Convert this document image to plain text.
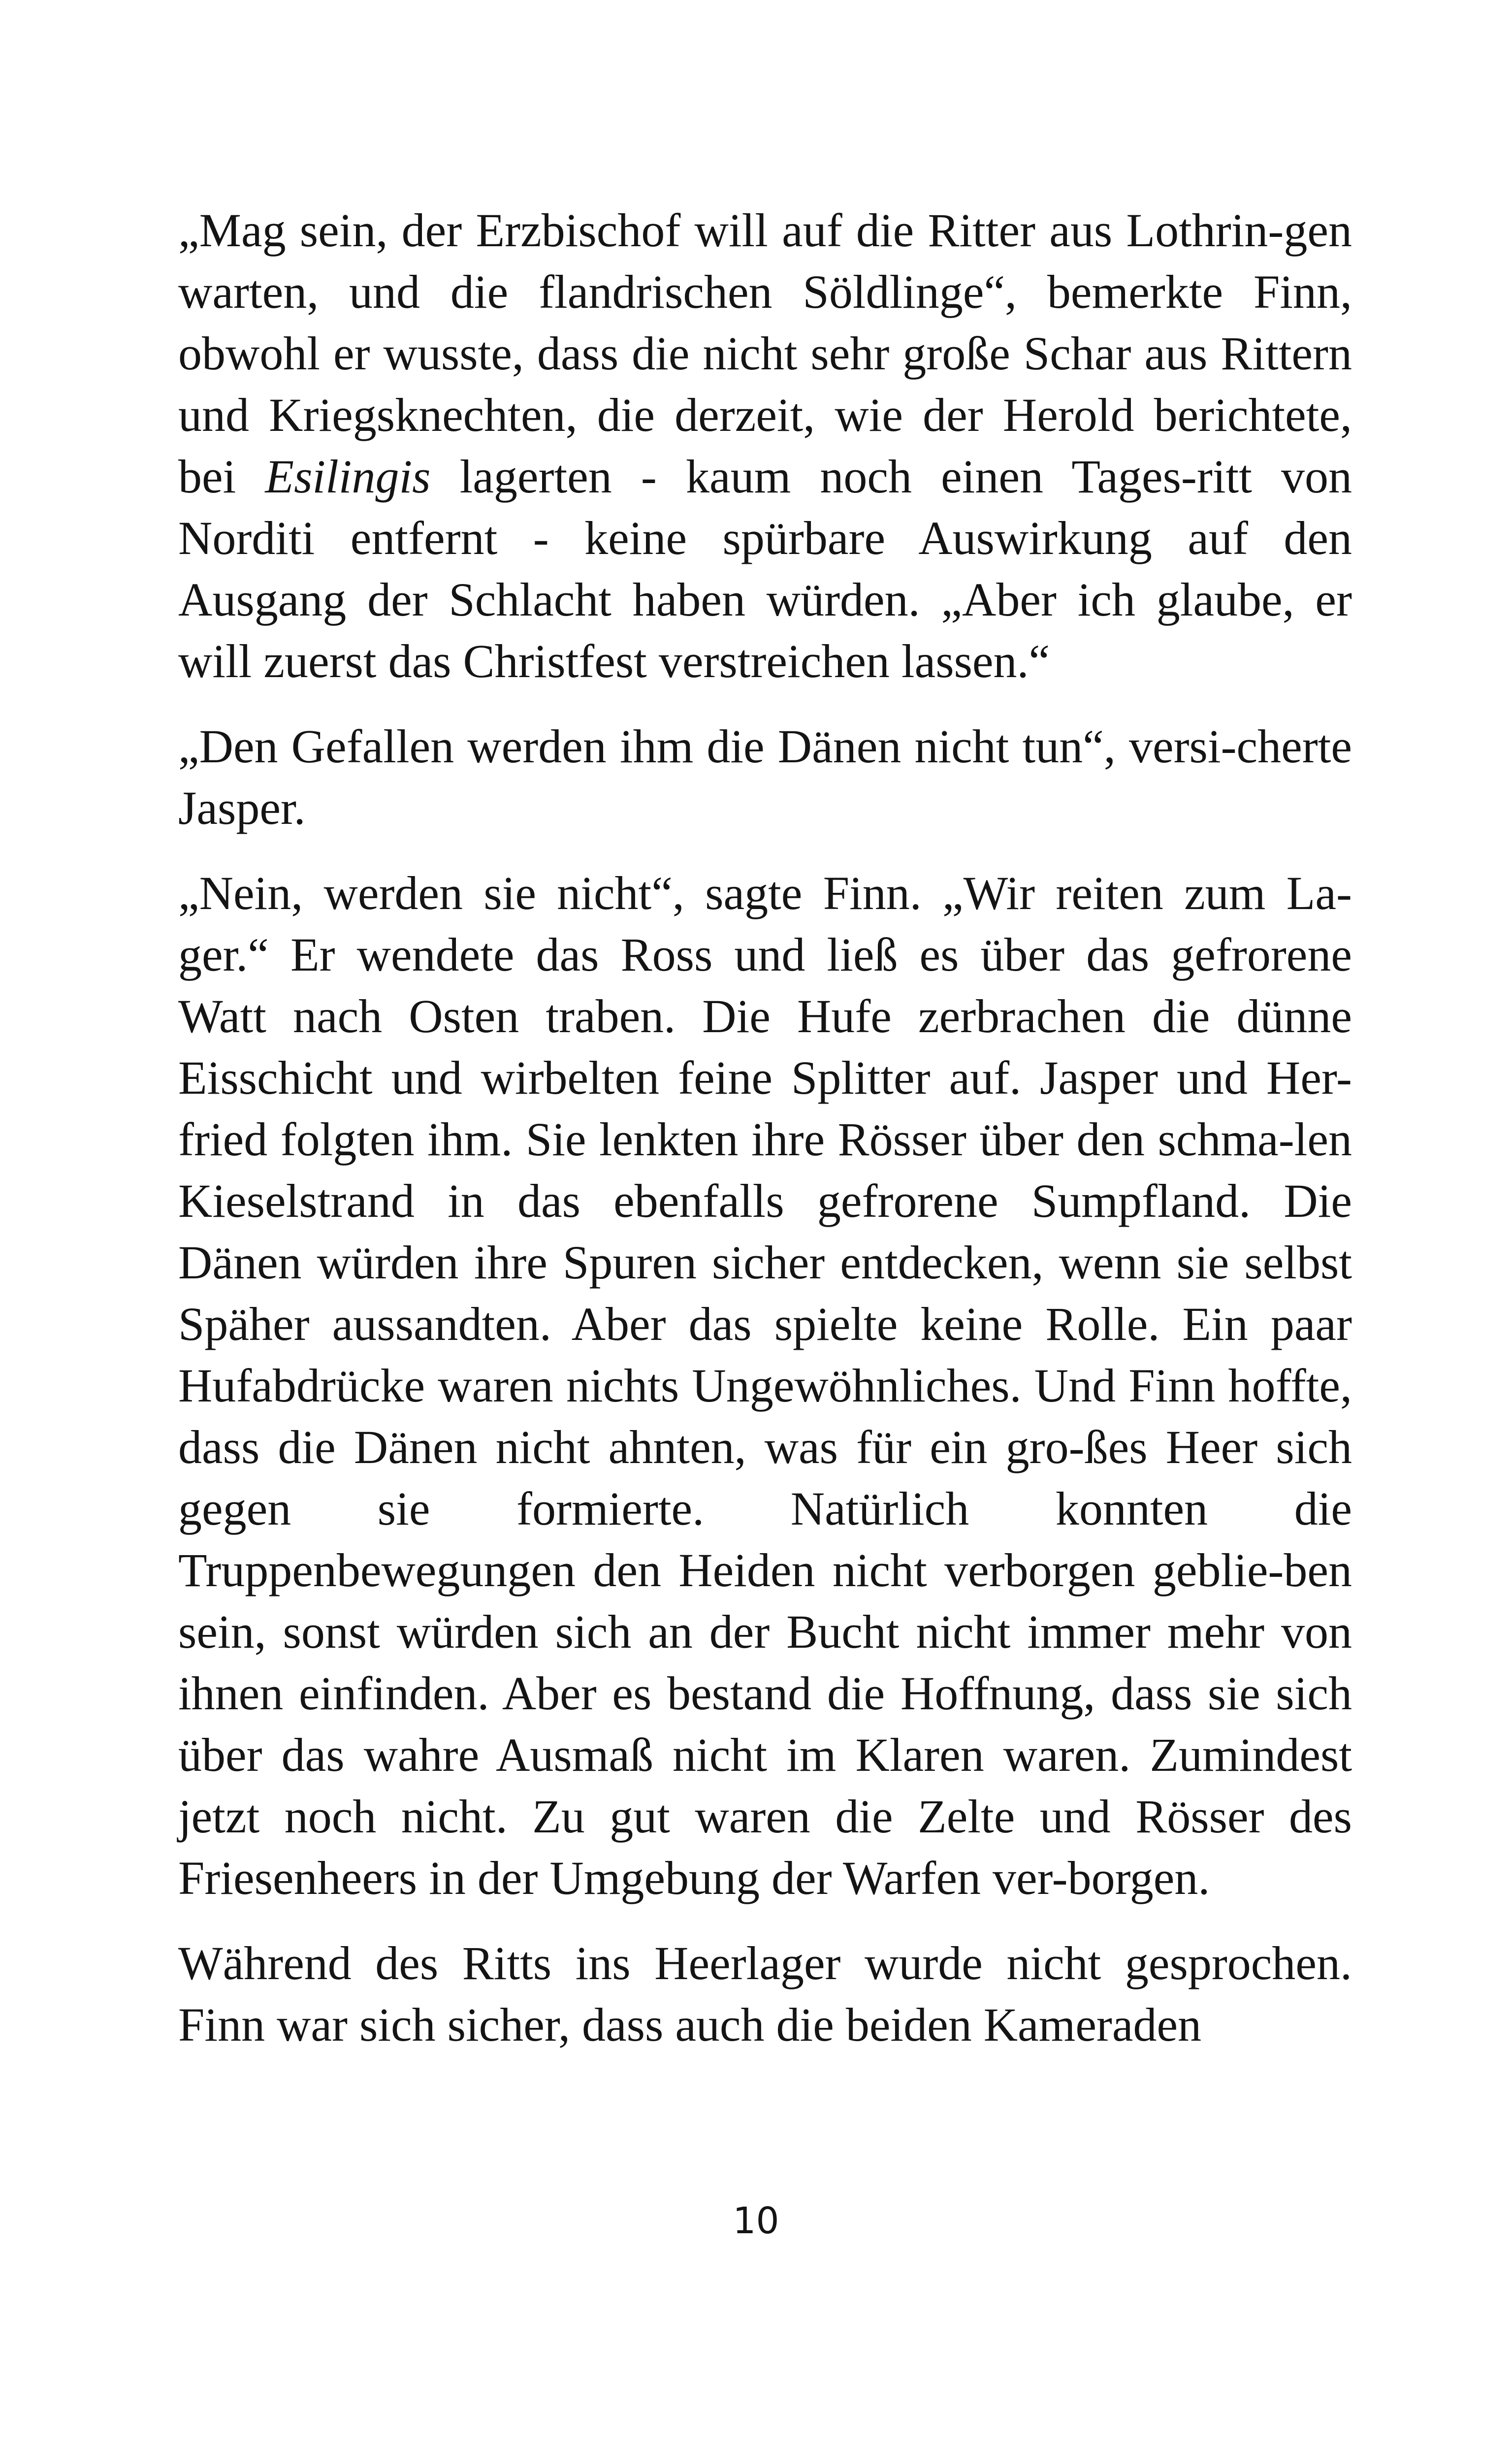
„Mag sein, der Erzbischof will auf die Ritter aus Lothrin-gen warten, und die flandrischen Söldlinge“, bemerkte Finn, obwohl er wusste, dass die nicht sehr große Schar aus Rittern und Kriegsknechten, die derzeit, wie der Herold berichtete, bei Esilingis lagerten - kaum noch einen Tages-ritt von Norditi entfernt - keine spürbare Auswirkung auf den Ausgang der Schlacht haben würden. „Aber ich glaube, er will zuerst das Christfest verstreichen lassen.“

„Den Gefallen werden ihm die Dänen nicht tun“, versi-cherte Jasper.

„Nein, werden sie nicht“, sagte Finn. „Wir reiten zum La-ger.“ Er wendete das Ross und ließ es über das gefrorene Watt nach Osten traben. Die Hufe zerbrachen die dünne Eisschicht und wirbelten feine Splitter auf. Jasper und Her-fried folgten ihm. Sie lenkten ihre Rösser über den schma-len Kieselstrand in das ebenfalls gefrorene Sumpfland. Die Dänen würden ihre Spuren sicher entdecken, wenn sie selbst Späher aussandten. Aber das spielte keine Rolle. Ein paar Hufabdrücke waren nichts Ungewöhnliches. Und Finn hoffte, dass die Dänen nicht ahnten, was für ein gro-ßes Heer sich gegen sie formierte. Natürlich konnten die Truppenbewegungen den Heiden nicht verborgen geblie-ben sein, sonst würden sich an der Bucht nicht immer mehr von ihnen einfinden. Aber es bestand die Hoffnung, dass sie sich über das wahre Ausmaß nicht im Klaren waren. Zumindest jetzt noch nicht. Zu gut waren die Zelte und Rösser des Friesenheers in der Umgebung der Warfen ver-borgen.

Während des Ritts ins Heerlager wurde nicht gesprochen. Finn war sich sicher, dass auch die beiden Kameraden

10
